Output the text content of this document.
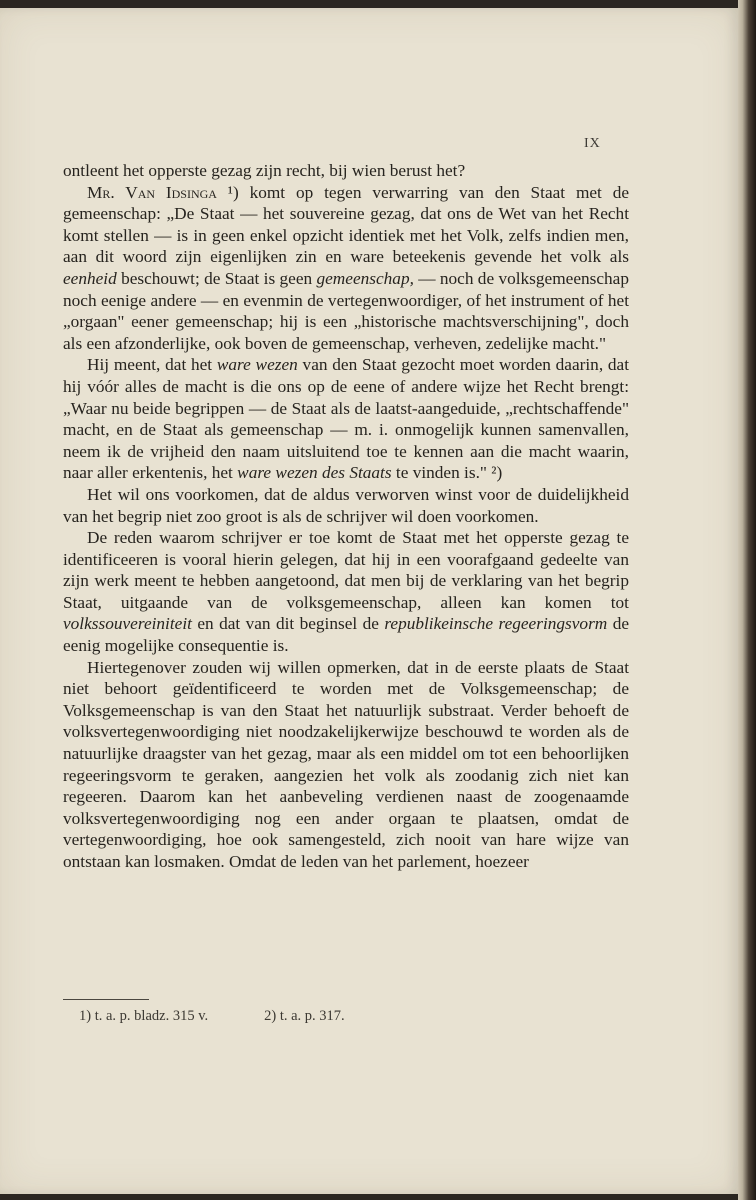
IX

ontleent het opperste gezag zijn recht, bij wien berust het?

Mr. Van Idsinga ¹) komt op tegen verwarring van den Staat met de gemeenschap: „De Staat — het souvereine gezag, dat ons de Wet van het Recht komt stellen — is in geen enkel opzicht identiek met het Volk, zelfs indien men, aan dit woord zijn eigenlijken zin en ware beteekenis gevende het volk als eenheid beschouwt; de Staat is geen gemeenschap, — noch de volksgemeenschap noch eenige andere — en evenmin de vertegenwoordiger, of het instrument of het „orgaan" eener gemeenschap; hij is een „historische machtsverschijning", doch als een afzonderlijke, ook boven de gemeenschap, verheven, zedelijke macht."

Hij meent, dat het ware wezen van den Staat gezocht moet worden daarin, dat hij vóór alles de macht is die ons op de eene of andere wijze het Recht brengt: „Waar nu beide begrippen — de Staat als de laatst-aangeduide, „rechtschaffende" macht, en de Staat als gemeenschap — m. i. onmogelijk kunnen samenvallen, neem ik de vrijheid den naam uitsluitend toe te kennen aan die macht waarin, naar aller erkentenis, het ware wezen des Staats te vinden is." ²)

Het wil ons voorkomen, dat de aldus verworven winst voor de duidelijkheid van het begrip niet zoo groot is als de schrijver wil doen voorkomen.

De reden waarom schrijver er toe komt de Staat met het opperste gezag te identificeeren is vooral hierin gelegen, dat hij in een voorafgaand gedeelte van zijn werk meent te hebben aangetoond, dat men bij de verklaring van het begrip Staat, uitgaande van de volksgemeenschap, alleen kan komen tot volkssouvereiniteit en dat van dit beginsel de republikeinsche regeeringsvorm de eenig mogelijke consequentie is.

Hiertegenover zouden wij willen opmerken, dat in de eerste plaats de Staat niet behoort geïdentificeerd te worden met de Volksgemeenschap; de Volksgemeenschap is van den Staat het natuurlijk substraat. Verder behoeft de volksvertegenwoordiging niet noodzakelijkerwijze beschouwd te worden als de natuurlijke draagster van het gezag, maar als een middel om tot een behoorlijken regeeringsvorm te geraken, aangezien het volk als zoodanig zich niet kan regeeren. Daarom kan het aanbeveling verdienen naast de zoogenaamde volksvertegenwoordiging nog een ander orgaan te plaatsen, omdat de vertegenwoordiging, hoe ook samengesteld, zich nooit van hare wijze van ontstaan kan losmaken. Omdat de leden van het parlement, hoezeer

1) t. a. p. bladz. 315 v.	2) t. a. p. 317.
